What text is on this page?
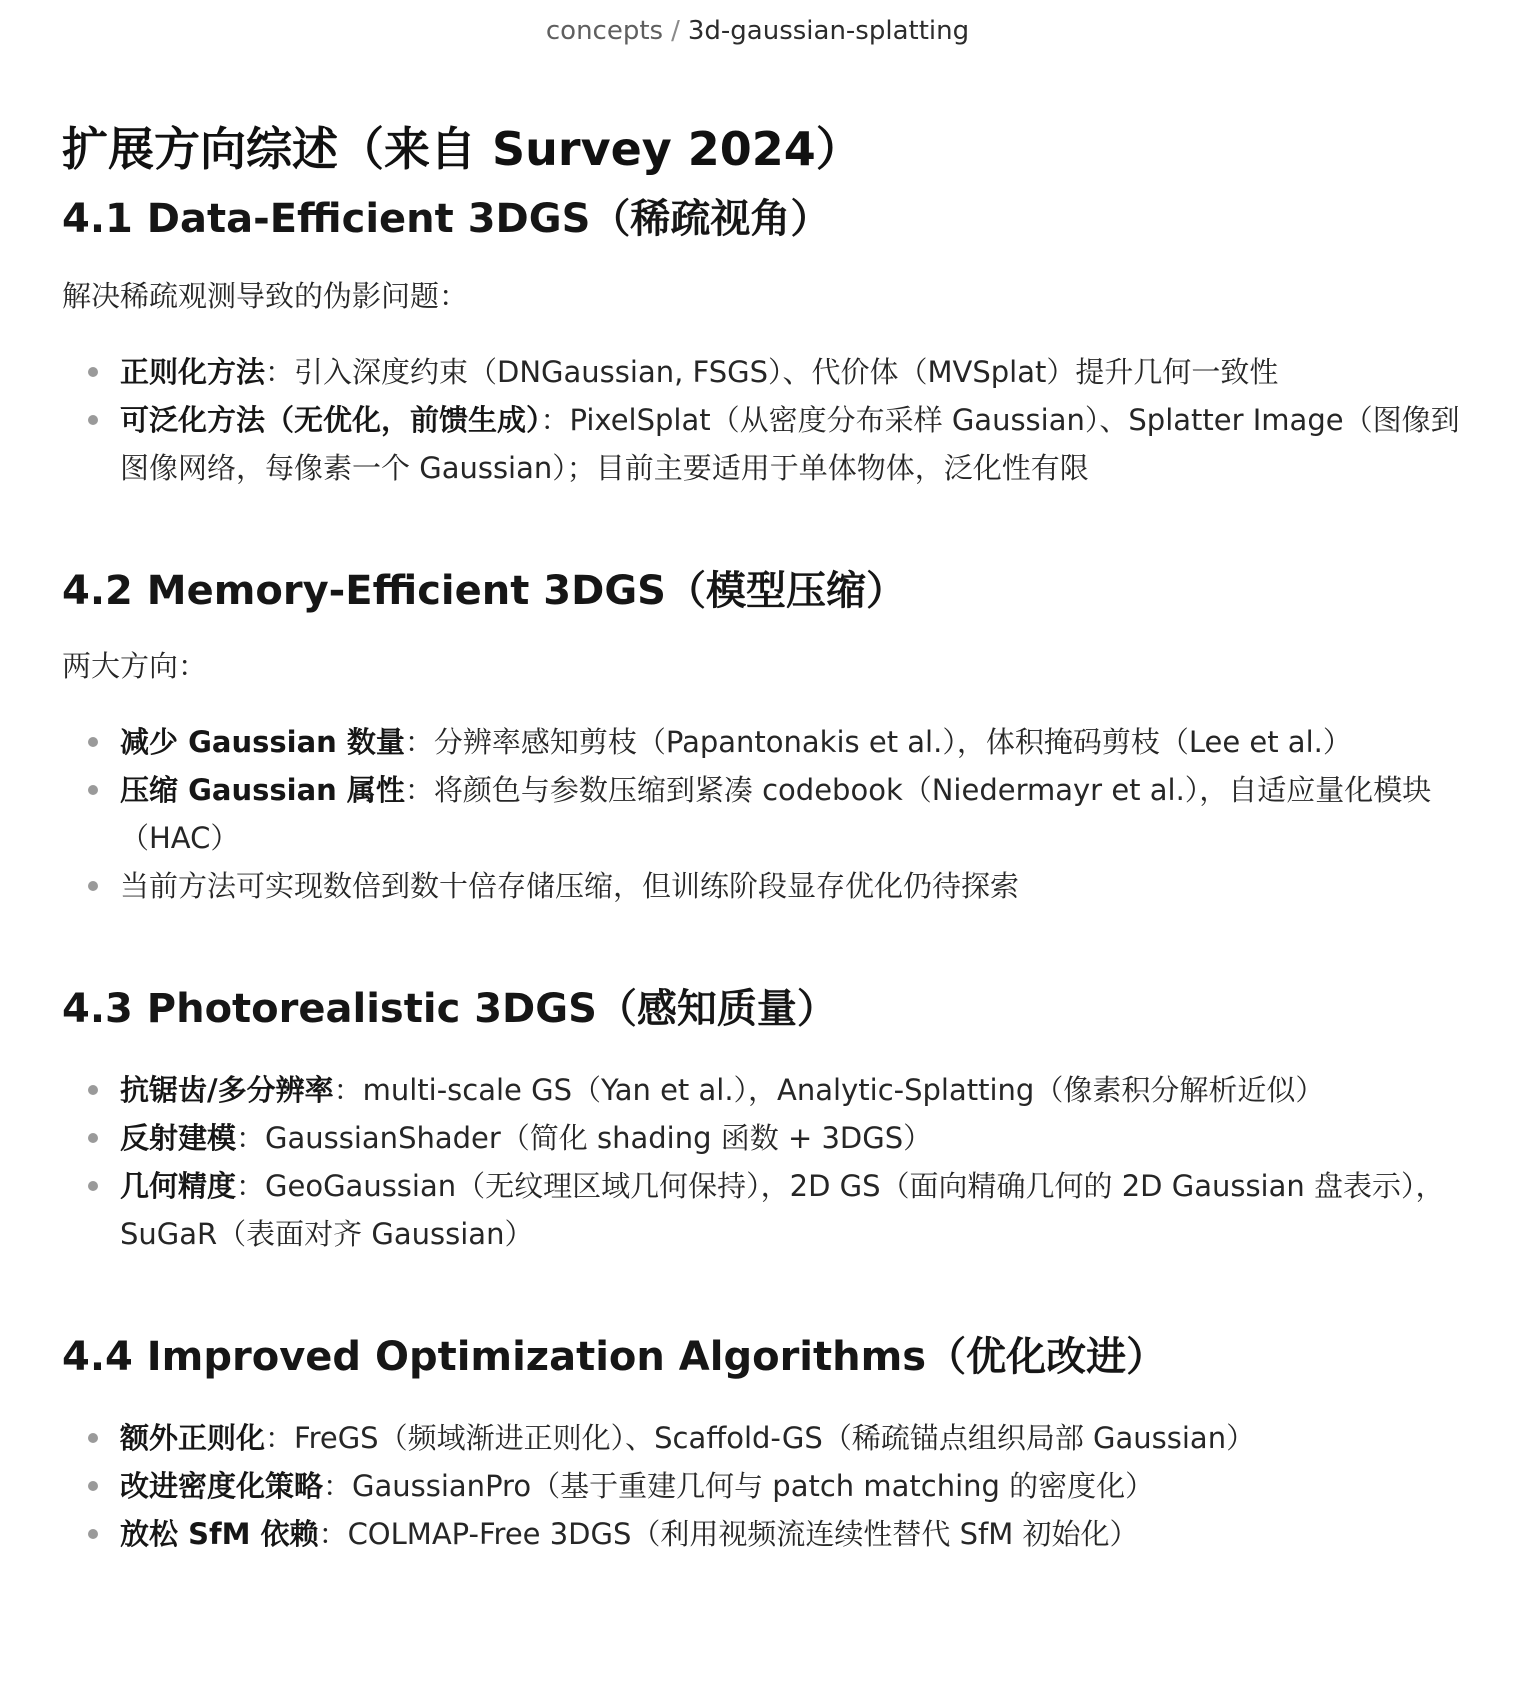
concepts / 3d-gaussian-splatting
扩展方向综述（来自 Survey 2024）
4.1 Data-Efficient 3DGS（稀疏视角）

解决稀疏观测导致的伪影问题：

正则化方法：引入深度约束（DNGaussian, FSGS）、代价体（MVSplat）提升几何一致性
可泛化方法（无优化，前馈生成）：PixelSplat（从密度分布采样 Gaussian）、Splatter Image（图像到图像网络，每像素一个 Gaussian）；目前主要适用于单体物体，泛化性有限
4.2 Memory-Efficient 3DGS（模型压缩）

两大方向：

减少 Gaussian 数量：分辨率感知剪枝（Papantonakis et al.），体积掩码剪枝（Lee et al.）
压缩 Gaussian 属性：将颜色与参数压缩到紧凑 codebook（Niedermayr et al.），自适应量化模块（HAC）
当前方法可实现数倍到数十倍存储压缩，但训练阶段显存优化仍待探索
4.3 Photorealistic 3DGS（感知质量）
抗锯齿/多分辨率：multi-scale GS（Yan et al.），Analytic-Splatting（像素积分解析近似）
反射建模：GaussianShader（简化 shading 函数 + 3DGS）
几何精度：GeoGaussian（无纹理区域几何保持），2D GS（面向精确几何的 2D Gaussian 盘表示），SuGaR（表面对齐 Gaussian）
4.4 Improved Optimization Algorithms（优化改进）
额外正则化：FreGS（频域渐进正则化）、Scaffold-GS（稀疏锚点组织局部 Gaussian）
改进密度化策略：GaussianPro（基于重建几何与 patch matching 的密度化）
放松 SfM 依赖：COLMAP-Free 3DGS（利用视频流连续性替代 SfM 初始化）
